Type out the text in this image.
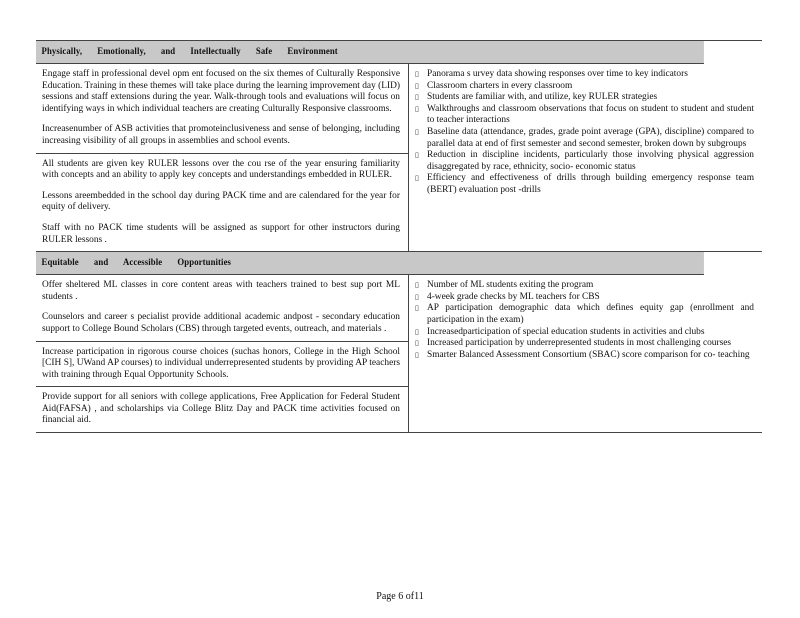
Physically, Emotionally, and Intellectually Safe Environment

Engage staff in professional devel opm ent focused on the six themes of Culturally Responsive Education. Training in these themes will take place during the learning improvement day (LID) sessions and staff extensions during the year. Walk-through tools and evaluations will focus on identifying ways in which individual teachers are creating Culturally Responsive classrooms.

Increasenumber of ASB activities that promoteinclusiveness and sense of belonging, including increasing visibility of all groups in assemblies and school events.

All students are given key RULER lessons over the cou rse of the year ensuring familiarity with concepts and an ability to apply key concepts and understandings embedded in RULER.

Lessons areembedded in the school day during PACK time and are calendared for the year for equity of delivery.

Staff with no PACK time students will be assigned as support for other instructors during RULER lessons .

▯ Panorama s urvey data showing responses over time to key indicators
▯ Classroom charters in every classroom
▯ Students are familiar with, and utilize, key RULER strategies
▯ Walkthroughs and classroom observations that focus on student to student and student to teacher interactions
▯ Baseline data (attendance, grades, grade point average (GPA), discipline) compared to parallel data at end of first semester and second semester, broken down by subgroups
▯ Reduction in discipline incidents, particularly those involving physical aggression disaggregated by race, ethnicity, socio- economic status
▯ Efficiency and effectiveness of drills through building emergency response team (BERT) evaluation post -drills
Equitable and Accessible Opportunities

Offer sheltered ML classes in core content areas with teachers trained to best sup port ML students .

Counselors and career s pecialist provide additional academic andpost - secondary education support to College Bound Scholars (CBS) through targeted events, outreach, and materials .

Increase participation in rigorous course choices (suchas honors, College in the High School [CIH S], UWand AP courses) to individual underrepresented students by providing AP teachers with training through Equal Opportunity Schools.

Provide support for all seniors with college applications, Free Application for Federal Student Aid(FAFSA) , and scholarships via College Blitz Day and PACK time activities focused on financial aid.

▯ Number of ML students exiting the program
▯ 4-week grade checks by ML teachers for CBS
▯ AP participation demographic data which defines equity gap (enrollment and participation in the exam)
▯ Increasedparticipation of special education students in activities and clubs
▯ Increased participation by underrepresented students in most challenging courses
▯ Smarter Balanced Assessment Consortium (SBAC) score comparison for co- teaching
Page 6 of11
